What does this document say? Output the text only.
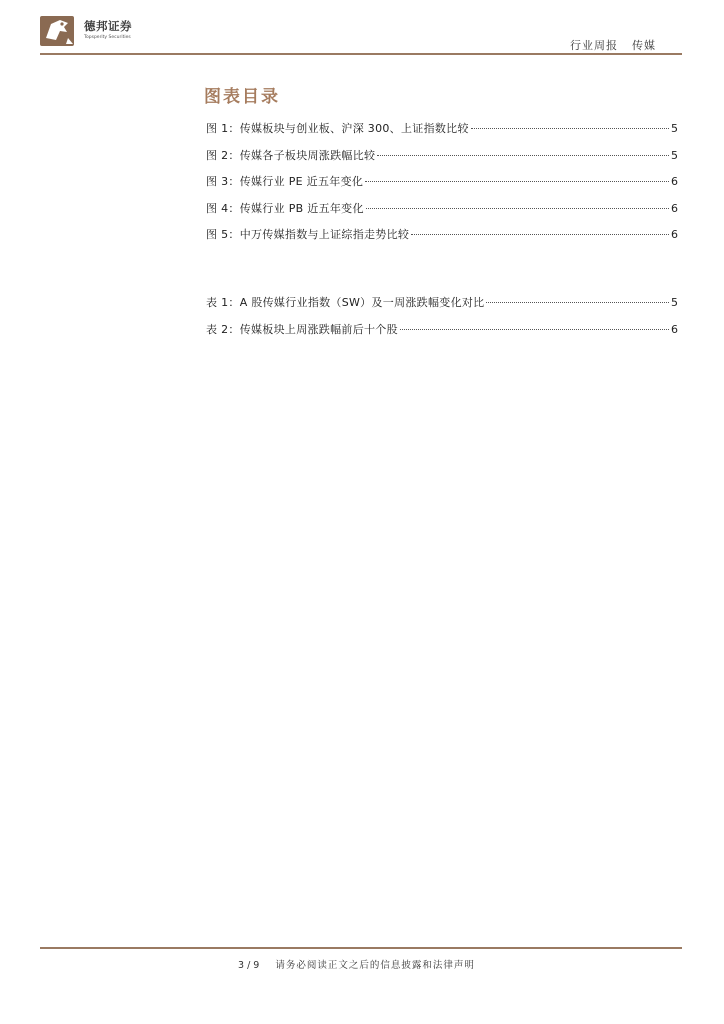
德邦证券
Topsperity Securities
行业周报 传媒
图表目录
图 1：传媒板块与创业板、沪深 300、上证指数比较	5
图 2：传媒各子板块周涨跌幅比较	5
图 3：传媒行业 PE 近五年变化	6
图 4：传媒行业 PB 近五年变化	6
图 5：中万传媒指数与上证综指走势比较	6
表 1：A 股传媒行业指数（SW）及一周涨跌幅变化对比	5
表 2：传媒板块上周涨跌幅前后十个股	6
3 / 9 请务必阅读正文之后的信息披露和法律声明
